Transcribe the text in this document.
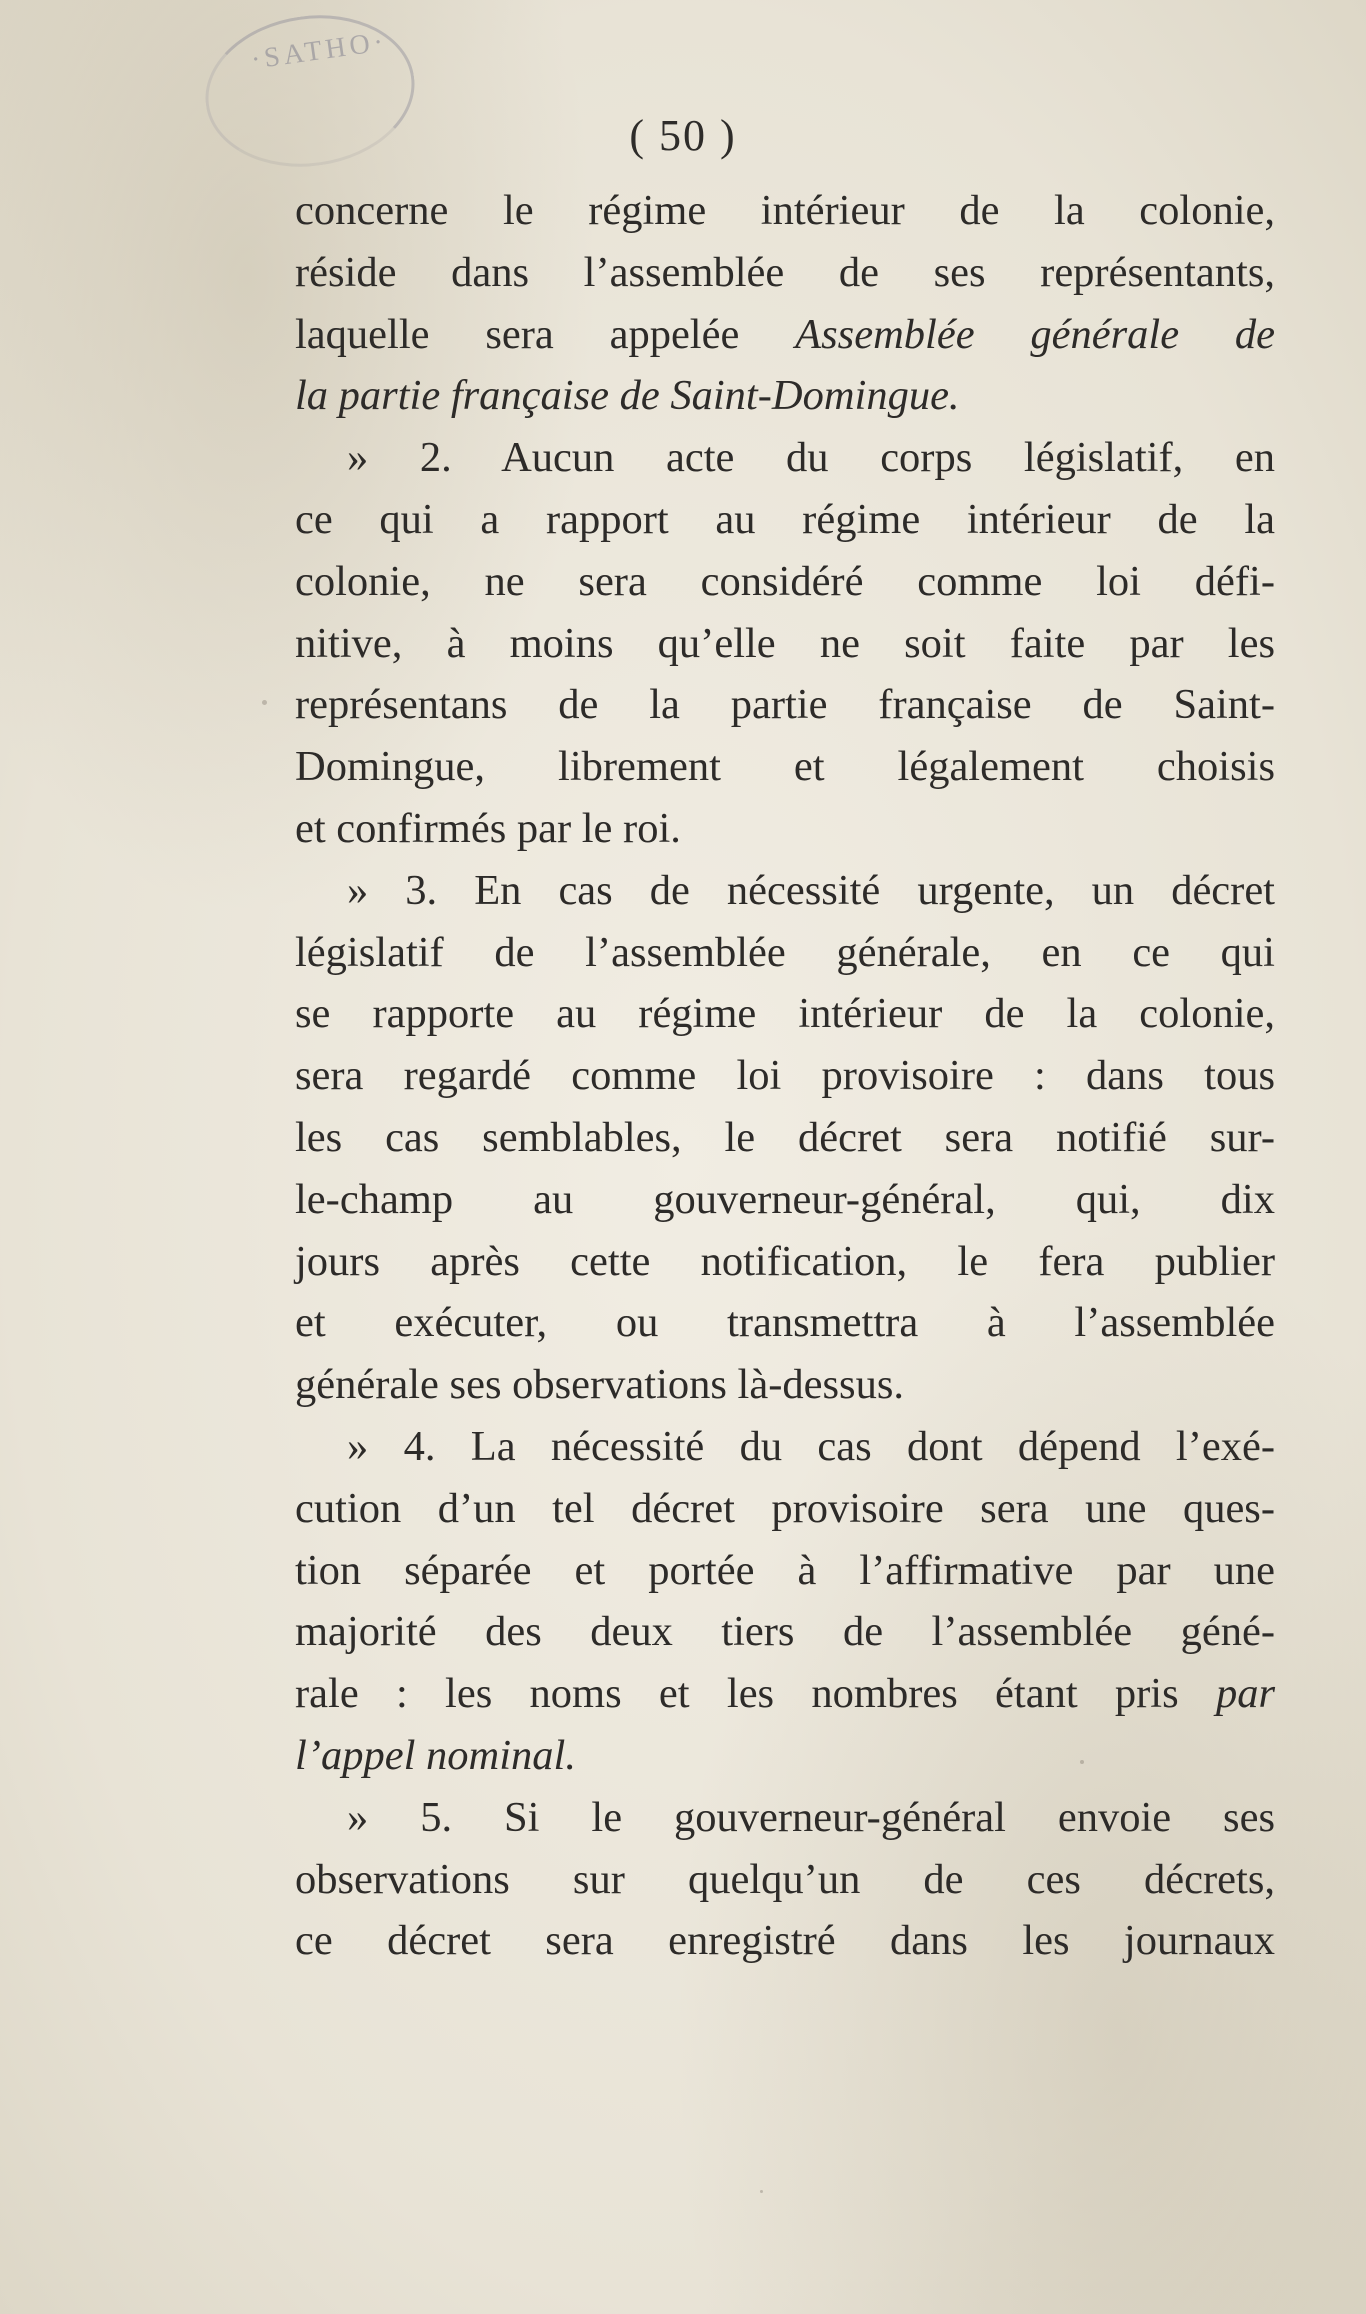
·SATHO·
( 50 )
concerne le régime intérieur de la colonie,
réside dans l’assemblée de ses représentants,
laquelle sera appelée Assemblée générale de
la partie française de Saint-Domingue.
» 2. Aucun acte du corps législatif, en
ce qui a rapport au régime intérieur de la
colonie, ne sera considéré comme loi défi-
nitive, à moins qu’elle ne soit faite par les
représentans de la partie française de Saint-
Domingue, librement et légalement choisis
et confirmés par le roi.
» 3. En cas de nécessité urgente, un décret
législatif de l’assemblée générale, en ce qui
se rapporte au régime intérieur de la colonie,
sera regardé comme loi provisoire : dans tous
les cas semblables, le décret sera notifié sur-
le-champ au gouverneur-général, qui, dix
jours après cette notification, le fera publier
et exécuter, ou transmettra à l’assemblée
générale ses observations là-dessus.
» 4. La nécessité du cas dont dépend l’exé-
cution d’un tel décret provisoire sera une ques-
tion séparée et portée à l’affirmative par une
majorité des deux tiers de l’assemblée géné-
rale : les noms et les nombres étant pris par
l’appel nominal.
» 5. Si le gouverneur-général envoie ses
observations sur quelqu’un de ces décrets,
ce décret sera enregistré dans les journaux
